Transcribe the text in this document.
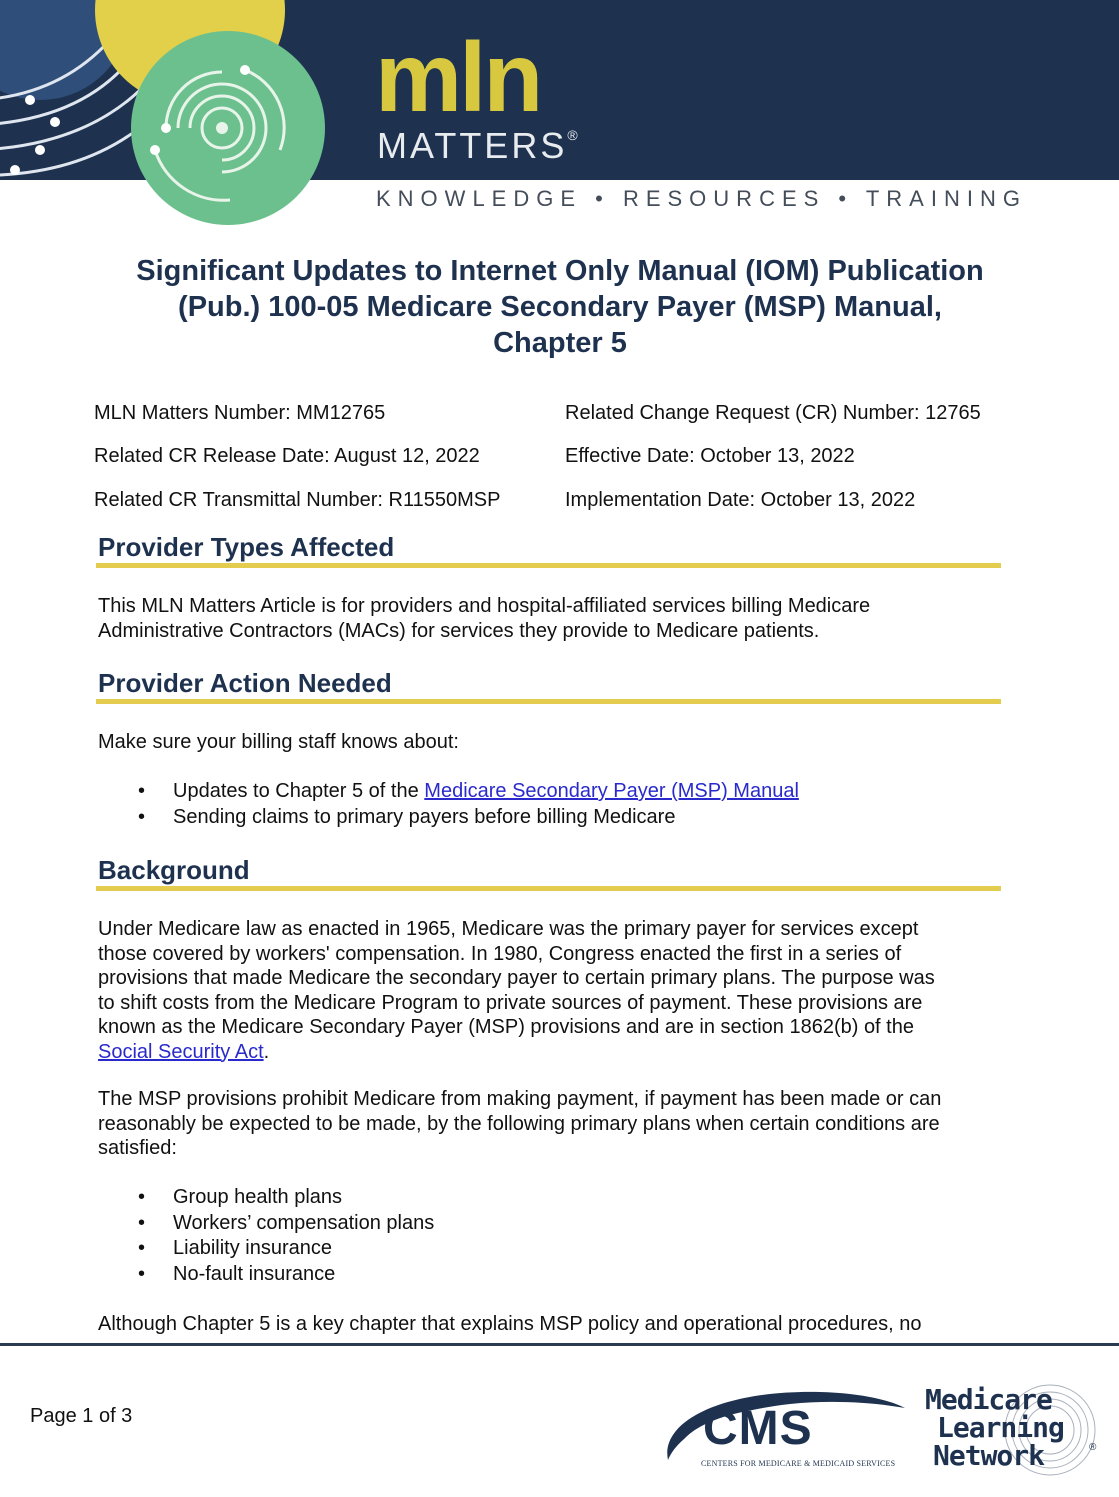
mln
MATTERS®
KNOWLEDGE • RESOURCES • TRAINING
Significant Updates to Internet Only Manual (IOM) Publication
(Pub.) 100-05 Medicare Secondary Payer (MSP) Manual,
Chapter 5
MLN Matters Number: MM12765	Related Change Request (CR) Number: 12765
Related CR Release Date: August 12, 2022	Effective Date: October 13, 2022
Related CR Transmittal Number: R11550MSP	Implementation Date: October 13, 2022
Provider Types Affected
This MLN Matters Article is for providers and hospital-affiliated services billing Medicare
Administrative Contractors (MACs) for services they provide to Medicare patients.
Provider Action Needed
Make sure your billing staff knows about:
• Updates to Chapter 5 of the Medicare Secondary Payer (MSP) Manual
• Sending claims to primary payers before billing Medicare
Background
Under Medicare law as enacted in 1965, Medicare was the primary payer for services except
those covered by workers' compensation. In 1980, Congress enacted the first in a series of
provisions that made Medicare the secondary payer to certain primary plans. The purpose was
to shift costs from the Medicare Program to private sources of payment. These provisions are
known as the Medicare Secondary Payer (MSP) provisions and are in section 1862(b) of the
Social Security Act.
The MSP provisions prohibit Medicare from making payment, if payment has been made or can
reasonably be expected to be made, by the following primary plans when certain conditions are
satisfied:
• Group health plans
• Workers’ compensation plans
• Liability insurance
• No-fault insurance
Although Chapter 5 is a key chapter that explains MSP policy and operational procedures, no
Page 1 of 3	CMS
CENTERS FOR MEDICARE & MEDICAID SERVICES
Medicare
Learning
Network	®
